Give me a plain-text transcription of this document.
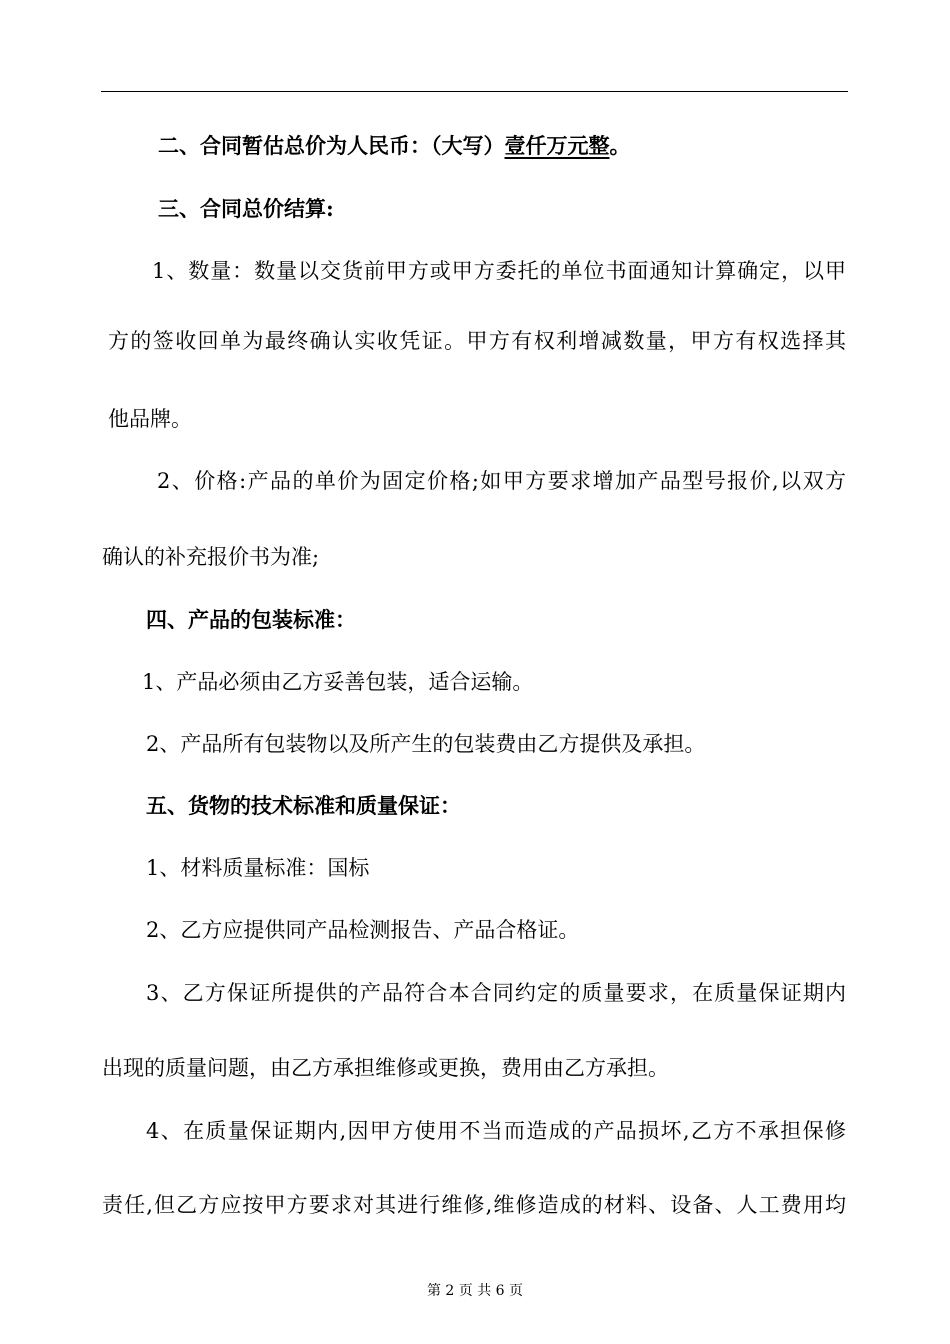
二、合同暂估总价为人民币：（大写）壹仟万元整。
三、合同总价结算:
1、数量：数量以交货前甲方或甲方委托的单位书面通知计算确定，以甲
方的签收回单为最终确认实收凭证。甲方有权利增减数量，甲方有权选择其
他品牌。
2、价格:产品的单价为固定价格;如甲方要求增加产品型号报价,以双方
确认的补充报价书为准;
四、产品的包装标准：
1、产品必须由乙方妥善包装，适合运输。
2、产品所有包装物以及所产生的包装费由乙方提供及承担。
五、货物的技术标准和质量保证：
1、材料质量标准：国标
2、乙方应提供同产品检测报告、产品合格证。
3、乙方保证所提供的产品符合本合同约定的质量要求，在质量保证期内
出现的质量问题，由乙方承担维修或更换，费用由乙方承担。
4、在质量保证期内,因甲方使用不当而造成的产品损坏,乙方不承担保修
责任,但乙方应按甲方要求对其进行维修,维修造成的材料、设备、人工费用均
第 2 页 共 6 页
